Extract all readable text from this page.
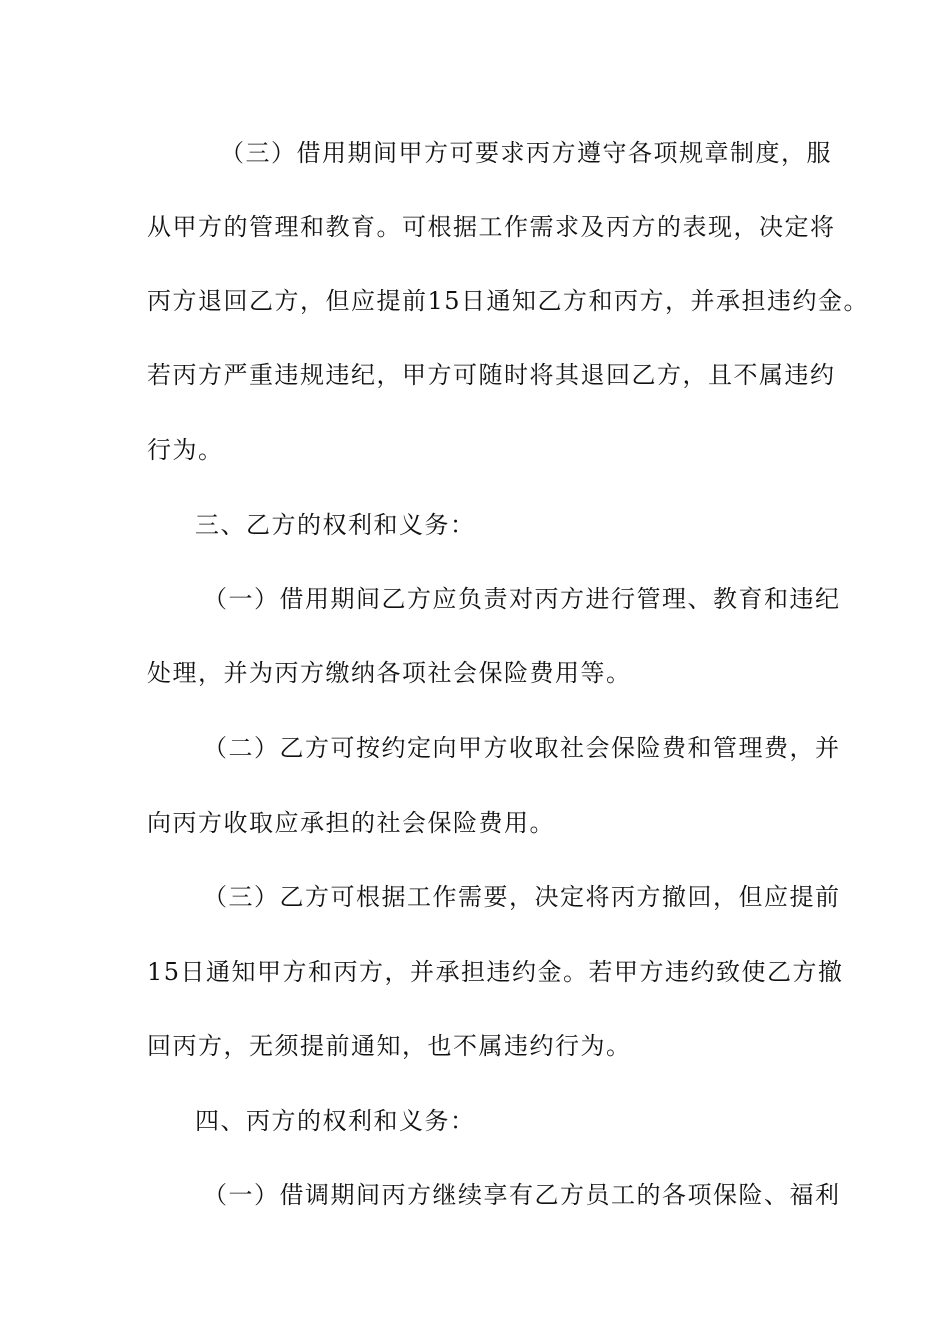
（三）借用期间甲方可要求丙方遵守各项规章制度，服
从甲方的管理和教育。可根据工作需求及丙方的表现，决定将
丙方退回乙方，但应提前15日通知乙方和丙方，并承担违约金。
若丙方严重违规违纪，甲方可随时将其退回乙方，且不属违约
行为。
三、乙方的权利和义务：
（一）借用期间乙方应负责对丙方进行管理、教育和违纪
处理，并为丙方缴纳各项社会保险费用等。
（二）乙方可按约定向甲方收取社会保险费和管理费，并
向丙方收取应承担的社会保险费用。
（三）乙方可根据工作需要，决定将丙方撤回，但应提前
15日通知甲方和丙方，并承担违约金。若甲方违约致使乙方撤
回丙方，无须提前通知，也不属违约行为。
四、丙方的权利和义务：
（一）借调期间丙方继续享有乙方员工的各项保险、福利
